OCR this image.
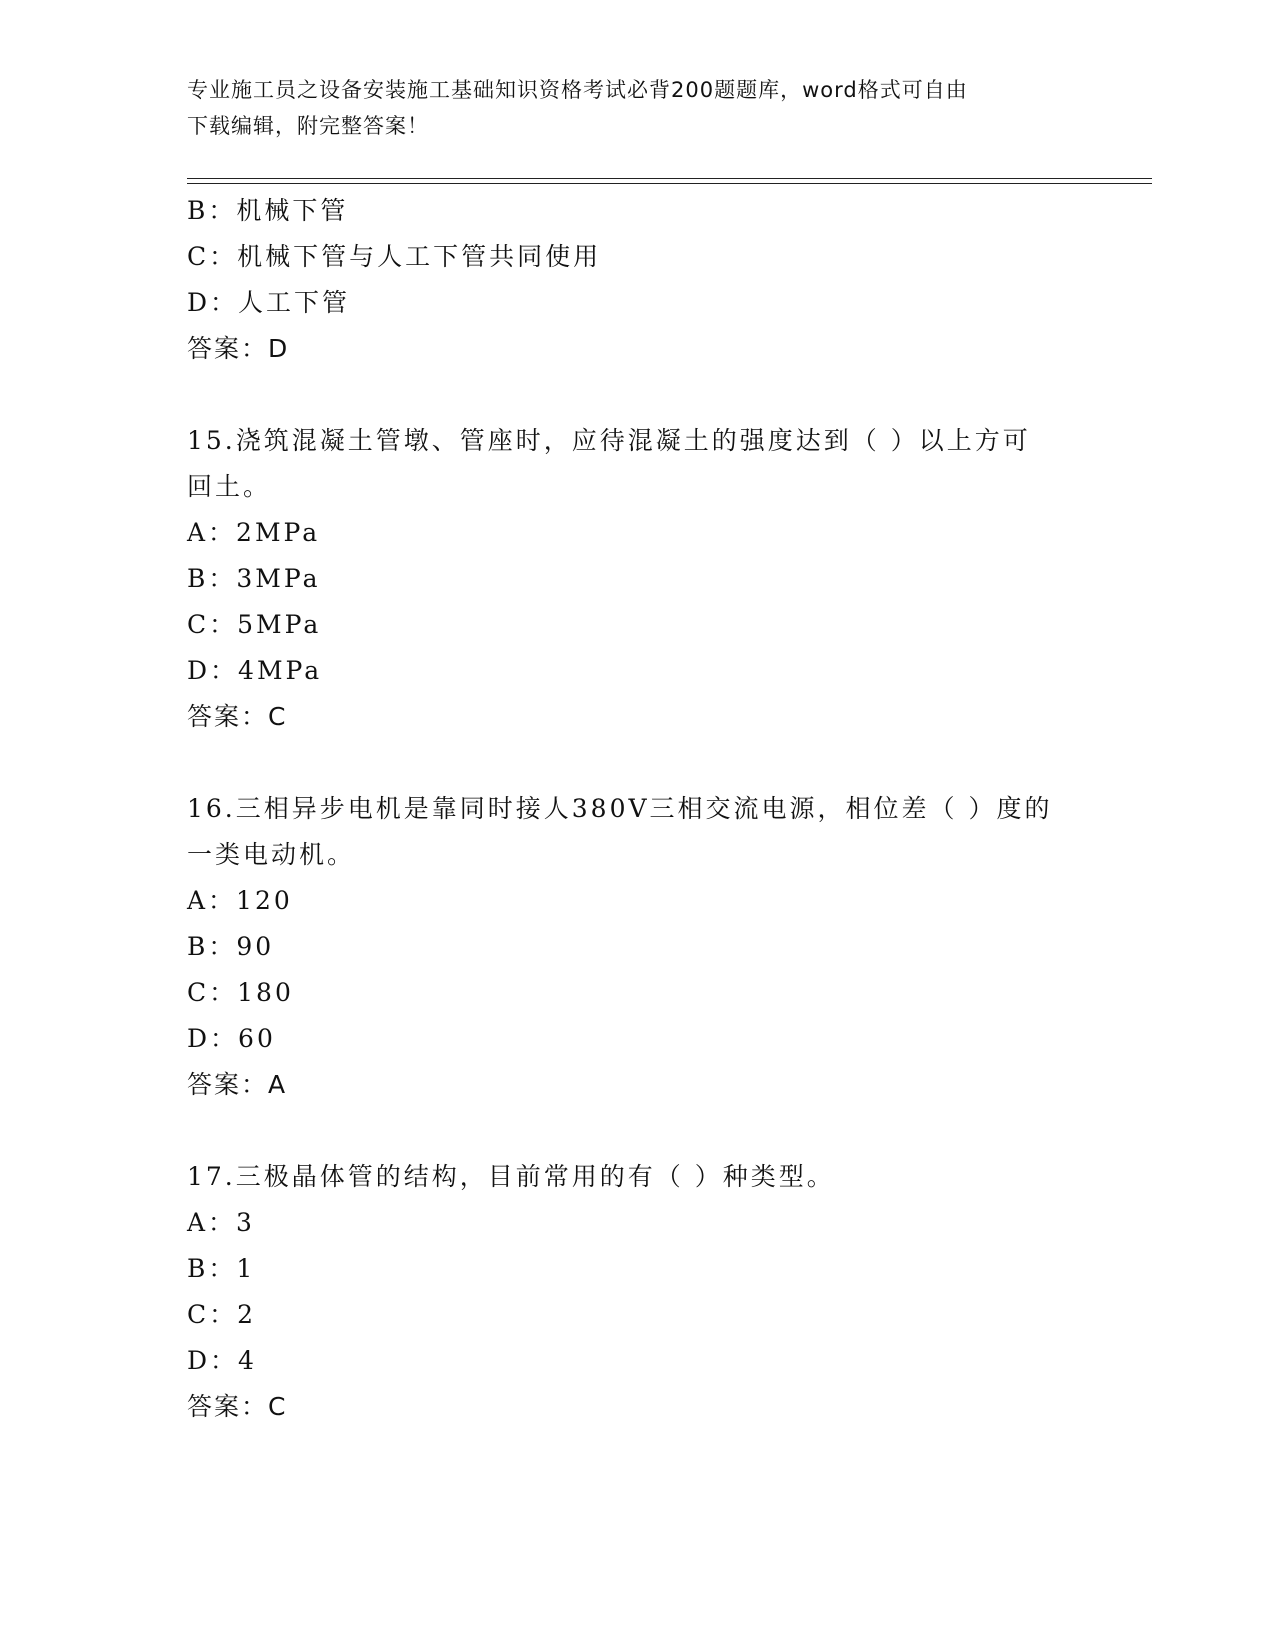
专业施工员之设备安装施工基础知识资格考试必背200题题库，word格式可自由
下载编辑，附完整答案！
B：机械下管
C：机械下管与人工下管共同使用
D：人工下管
答案：D
15.浇筑混凝土管墩、管座时，应待混凝土的强度达到（ ）以上方可
回土。
A：2MPa
B：3MPa
C：5MPa
D：4MPa
答案：C
16.三相异步电机是靠同时接人380V三相交流电源，相位差（ ）度的
一类电动机。
A：120
B：90
C：180
D：60
答案：A
17.三极晶体管的结构，目前常用的有（ ）种类型。
A：3
B：1
C：2
D：4
答案：C
